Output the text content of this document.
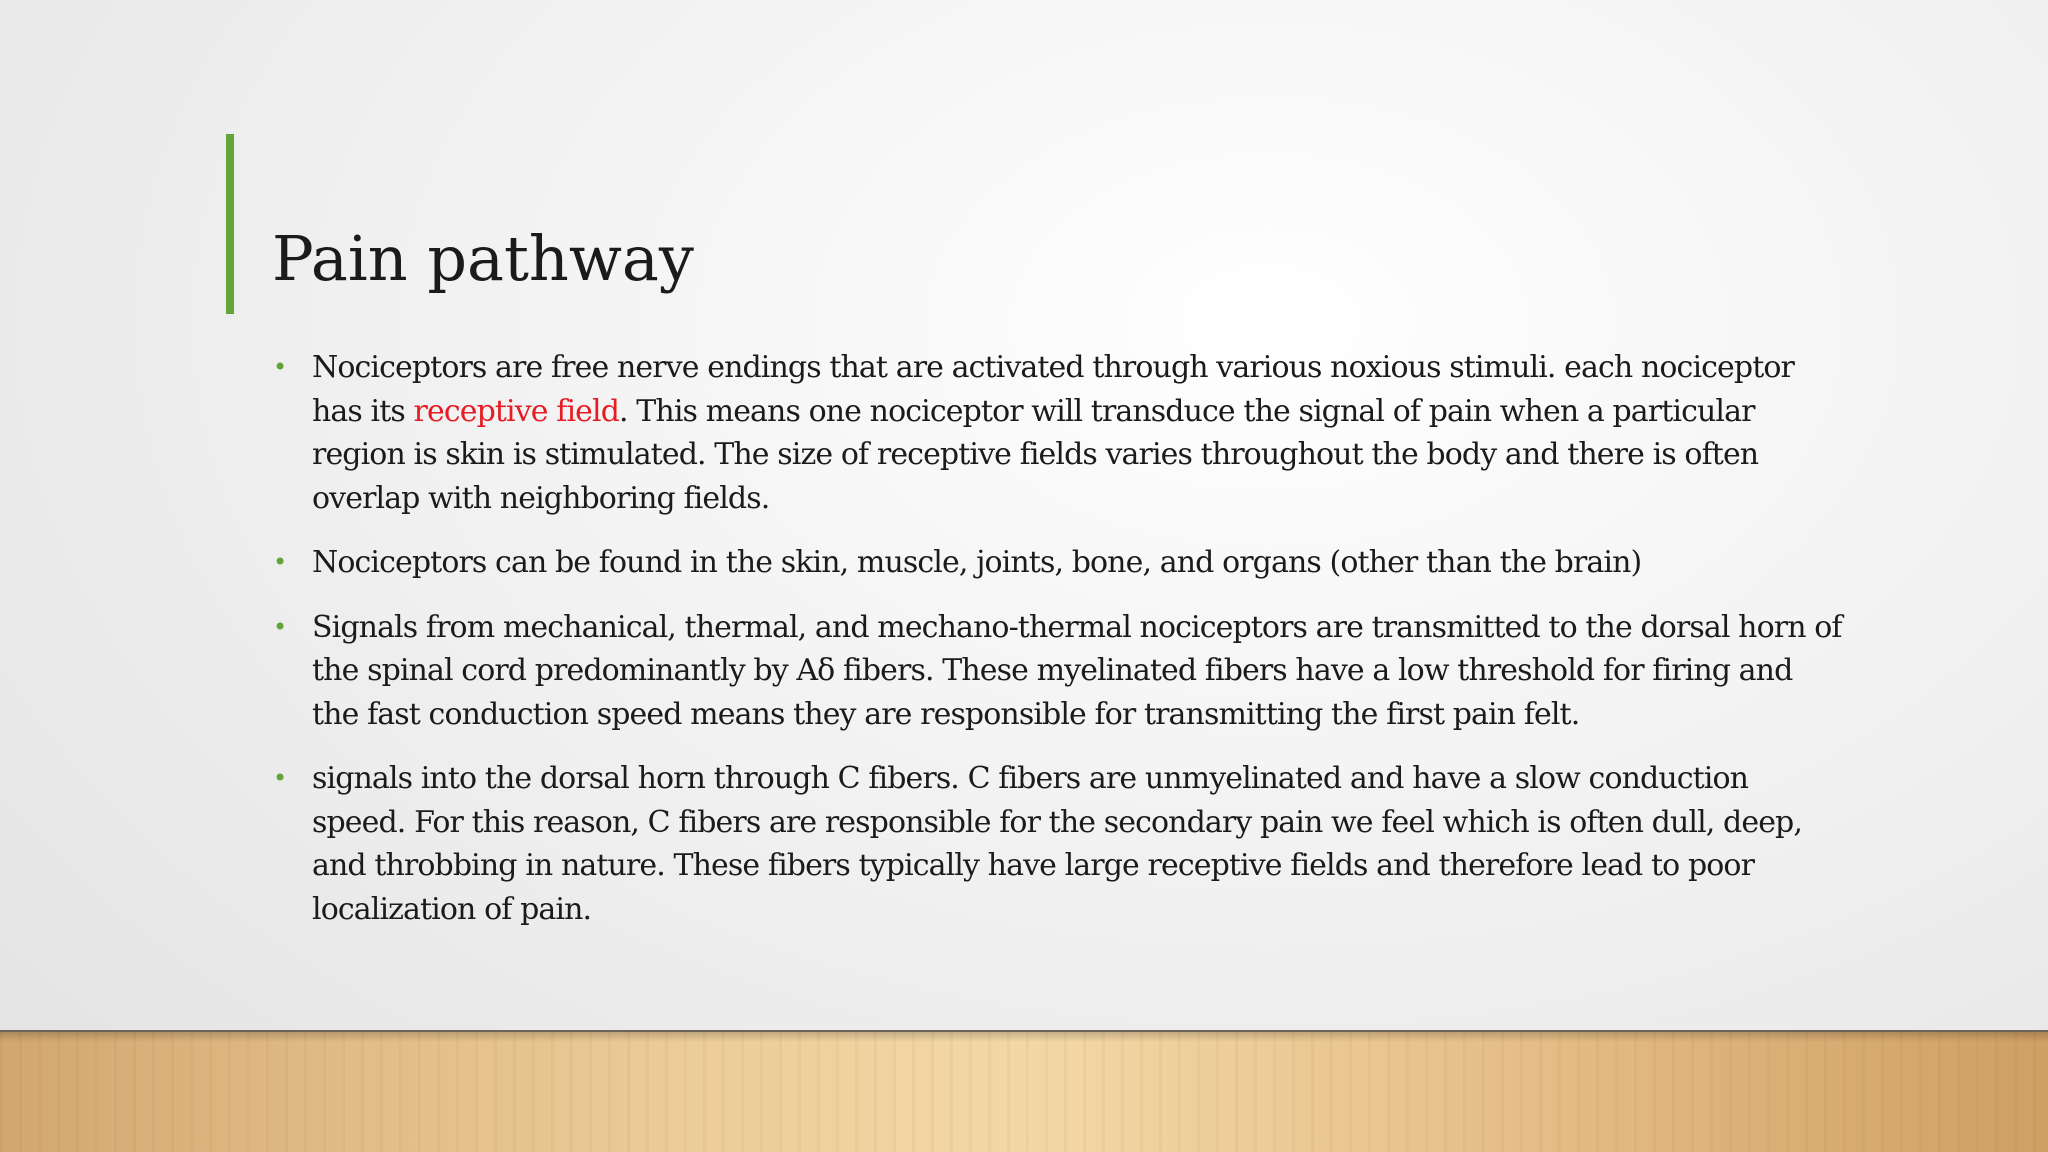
Pain pathway
• Nociceptors are free nerve endings that are activated through various noxious stimuli. each nociceptor has its receptive field. This means one nociceptor will transduce the signal of pain when a particular region is skin is stimulated. The size of receptive fields varies throughout the body and there is often overlap with neighboring fields.
• Nociceptors can be found in the skin, muscle, joints, bone, and organs (other than the brain)
• Signals from mechanical, thermal, and mechano-thermal nociceptors are transmitted to the dorsal horn of the spinal cord predominantly by Aδ fibers. These myelinated fibers have a low threshold for firing and the fast conduction speed means they are responsible for transmitting the first pain felt.
• signals into the dorsal horn through C fibers. C fibers are unmyelinated and have a slow conduction speed. For this reason, C fibers are responsible for the secondary pain we feel which is often dull, deep, and throbbing in nature. These fibers typically have large receptive fields and therefore lead to poor localization of pain.
